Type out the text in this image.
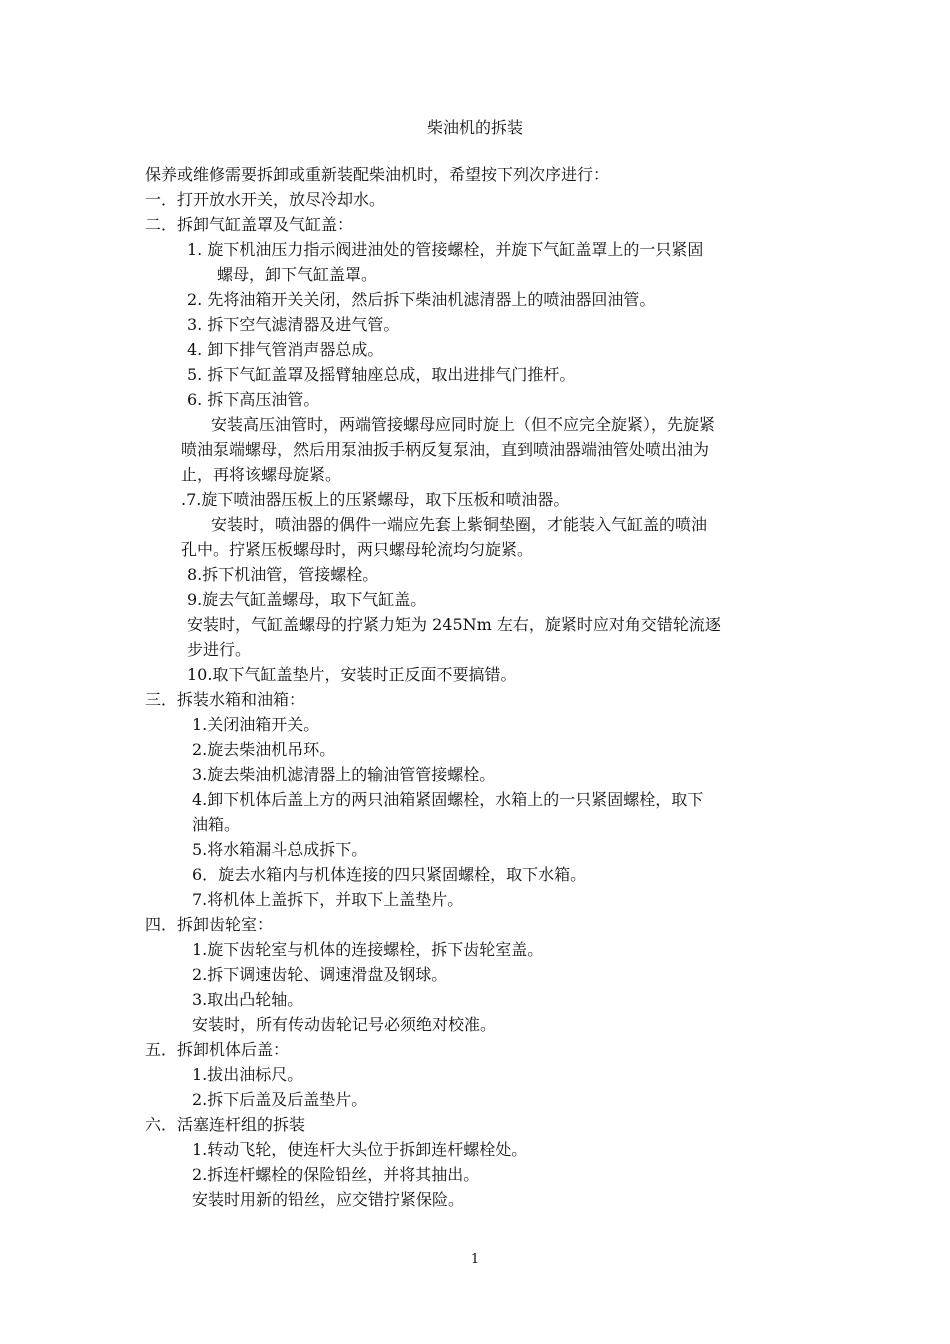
柴油机的拆装
保养或维修需要拆卸或重新装配柴油机时，希望按下列次序进行：
一．打开放水开关，放尽冷却水。
二．拆卸气缸盖罩及气缸盖：
1. 旋下机油压力指示阀进油处的管接螺栓，并旋下气缸盖罩上的一只紧固
螺母，卸下气缸盖罩。
2. 先将油箱开关关闭，然后拆下柴油机滤清器上的喷油器回油管。
3. 拆下空气滤清器及进气管。
4. 卸下排气管消声器总成。
5. 拆下气缸盖罩及摇臂轴座总成，取出进排气门推杆。
6. 拆下高压油管。
安装高压油管时，两端管接螺母应同时旋上（但不应完全旋紧），先旋紧
喷油泵端螺母，然后用泵油扳手柄反复泵油，直到喷油器端油管处喷出油为
止，再将该螺母旋紧。
.7.旋下喷油器压板上的压紧螺母，取下压板和喷油器。
安装时，喷油器的偶件一端应先套上紫铜垫圈，才能装入气缸盖的喷油
孔中。拧紧压板螺母时，两只螺母轮流均匀旋紧。
8.拆下机油管，管接螺栓。
9.旋去气缸盖螺母，取下气缸盖。
安装时，气缸盖螺母的拧紧力矩为 245Nm 左右，旋紧时应对角交错轮流逐
步进行。
10.取下气缸盖垫片，安装时正反面不要搞错。
三．拆装水箱和油箱：
1.关闭油箱开关。
2.旋去柴油机吊环。
3.旋去柴油机滤清器上的输油管管接螺栓。
4.卸下机体后盖上方的两只油箱紧固螺栓，水箱上的一只紧固螺栓，取下
油箱。
5.将水箱漏斗总成拆下。
6．旋去水箱内与机体连接的四只紧固螺栓，取下水箱。
7.将机体上盖拆下，并取下上盖垫片。
四．拆卸齿轮室：
1.旋下齿轮室与机体的连接螺栓，拆下齿轮室盖。
2.拆下调速齿轮、调速滑盘及钢球。
3.取出凸轮轴。
安装时，所有传动齿轮记号必须绝对校准。
五．拆卸机体后盖：
1.拔出油标尺。
2.拆下后盖及后盖垫片。
六．活塞连杆组的拆装
1.转动飞轮，使连杆大头位于拆卸连杆螺栓处。
2.拆连杆螺栓的保险铅丝，并将其抽出。
安装时用新的铅丝，应交错拧紧保险。
1
